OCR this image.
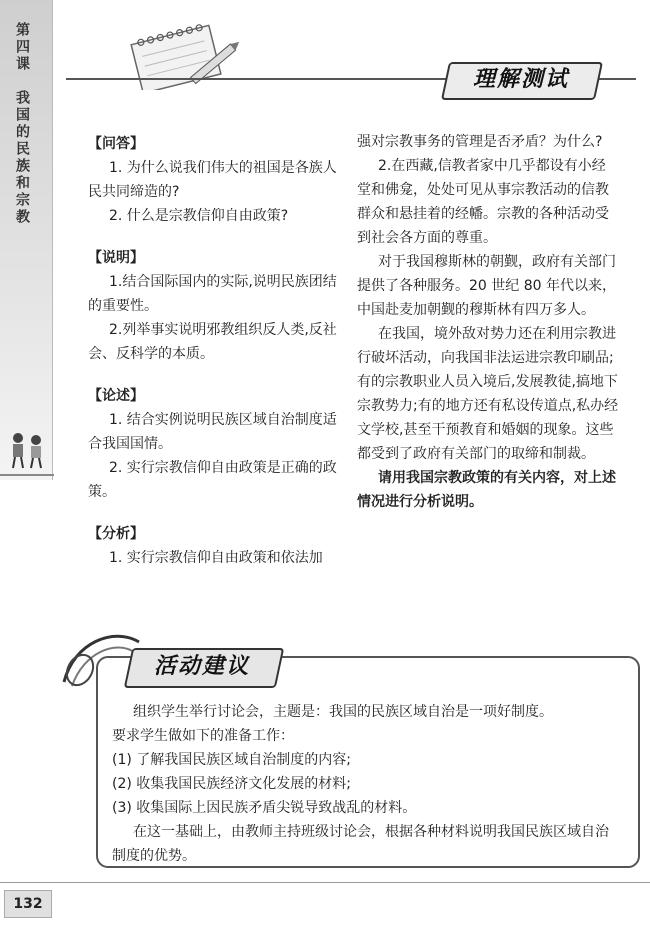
第四课　我国的民族和宗教	理解测试

【问答】

1. 为什么说我们伟大的祖国是各族人民共同缔造的?

2. 什么是宗教信仰自由政策?

【说明】

1.结合国际国内的实际,说明民族团结的重要性。

2.列举事实说明邪教组织反人类,反社会、反科学的本质。

【论述】

1. 结合实例说明民族区域自治制度适合我国国情。

2. 实行宗教信仰自由政策是正确的政策。

【分析】

1. 实行宗教信仰自由政策和依法加

强对宗教事务的管理是否矛盾？为什么?

2.在西藏,信教者家中几乎都设有小经堂和佛龛，处处可见从事宗教活动的信教群众和悬挂着的经幡。宗教的各种活动受到社会各方面的尊重。

对于我国穆斯林的朝觐，政府有关部门提供了各种服务。20 世纪 80 年代以来，中国赴麦加朝觐的穆斯林有四万多人。

在我国，境外敌对势力还在利用宗教进行破坏活动，向我国非法运进宗教印刷品;有的宗教职业人员入境后,发展教徒,搞地下宗教势力;有的地方还有私设传道点,私办经文学校,甚至干预教育和婚姻的现象。这些都受到了政府有关部门的取缔和制裁。

请用我国宗教政策的有关内容，对上述情况进行分析说明。

活动建议

组织学生举行讨论会，主题是：我国的民族区域自治是一项好制度。

要求学生做如下的准备工作：

(1) 了解我国民族区域自治制度的内容;

(2) 收集我国民族经济文化发展的材料;

(3) 收集国际上因民族矛盾尖锐导致战乱的材料。

在这一基础上，由教师主持班级讨论会，根据各种材料说明我国民族区域自治制度的优势。

132
